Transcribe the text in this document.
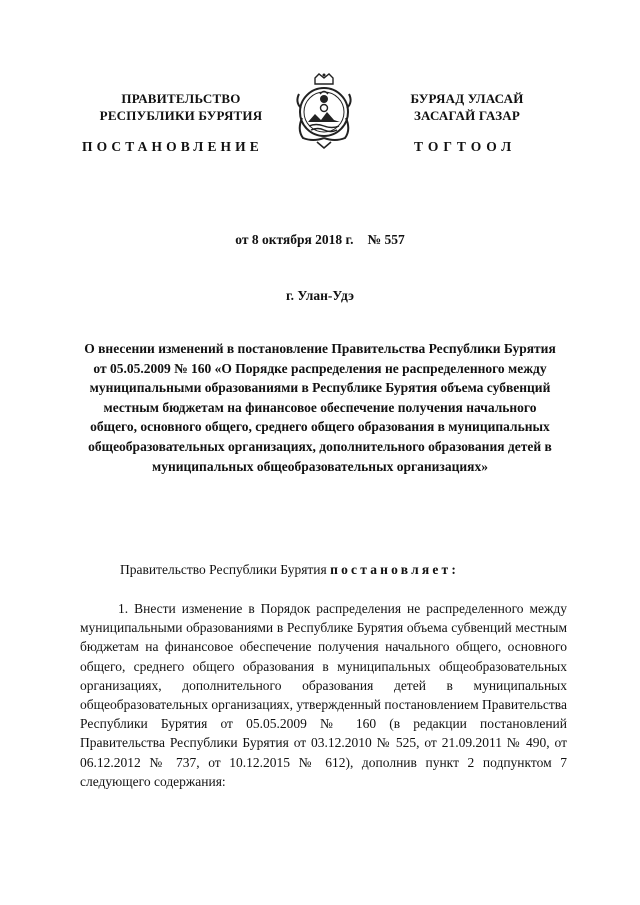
ПРАВИТЕЛЬСТВО
РЕСПУБЛИКИ БУРЯТИЯ
БУРЯАД УЛАСАЙ
ЗАСАГАЙ ГАЗАР
ПОСТАНОВЛЕНИЕ	ТОГТООЛ
от 8 октября 2018 г. № 557
г. Улан-Удэ
О внесении изменений в постановление Правительства Республики Бурятия от 05.05.2009 № 160 «О Порядке распределения не распределенного между муниципальными образованиями в Республике Бурятия объема субвенций местным бюджетам на финансовое обеспечение получения начального общего, основного общего, среднего общего образования в муниципальных общеобразовательных организациях, дополнительного образования детей в муниципальных общеобразовательных организациях»
Правительство Республики Бурятия постановляет:

1. Внести изменение в Порядок распределения не распределенного между муниципальными образованиями в Республике Бурятия объема субвенций местным бюджетам на финансовое обеспечение получения начального общего, основного общего, среднего общего образования в муниципальных общеобразовательных организациях, дополнительного образования детей в муниципальных общеобразовательных организациях, утвержденный постановлением Правительства Республики Бурятия от 05.05.2009 № 160 (в редакции постановлений Правительства Республики Бурятия от 03.12.2010 № 525, от 21.09.2011 № 490, от 06.12.2012 № 737, от 10.12.2015 № 612), дополнив пункт 2 подпунктом 7 следующего содержания:
